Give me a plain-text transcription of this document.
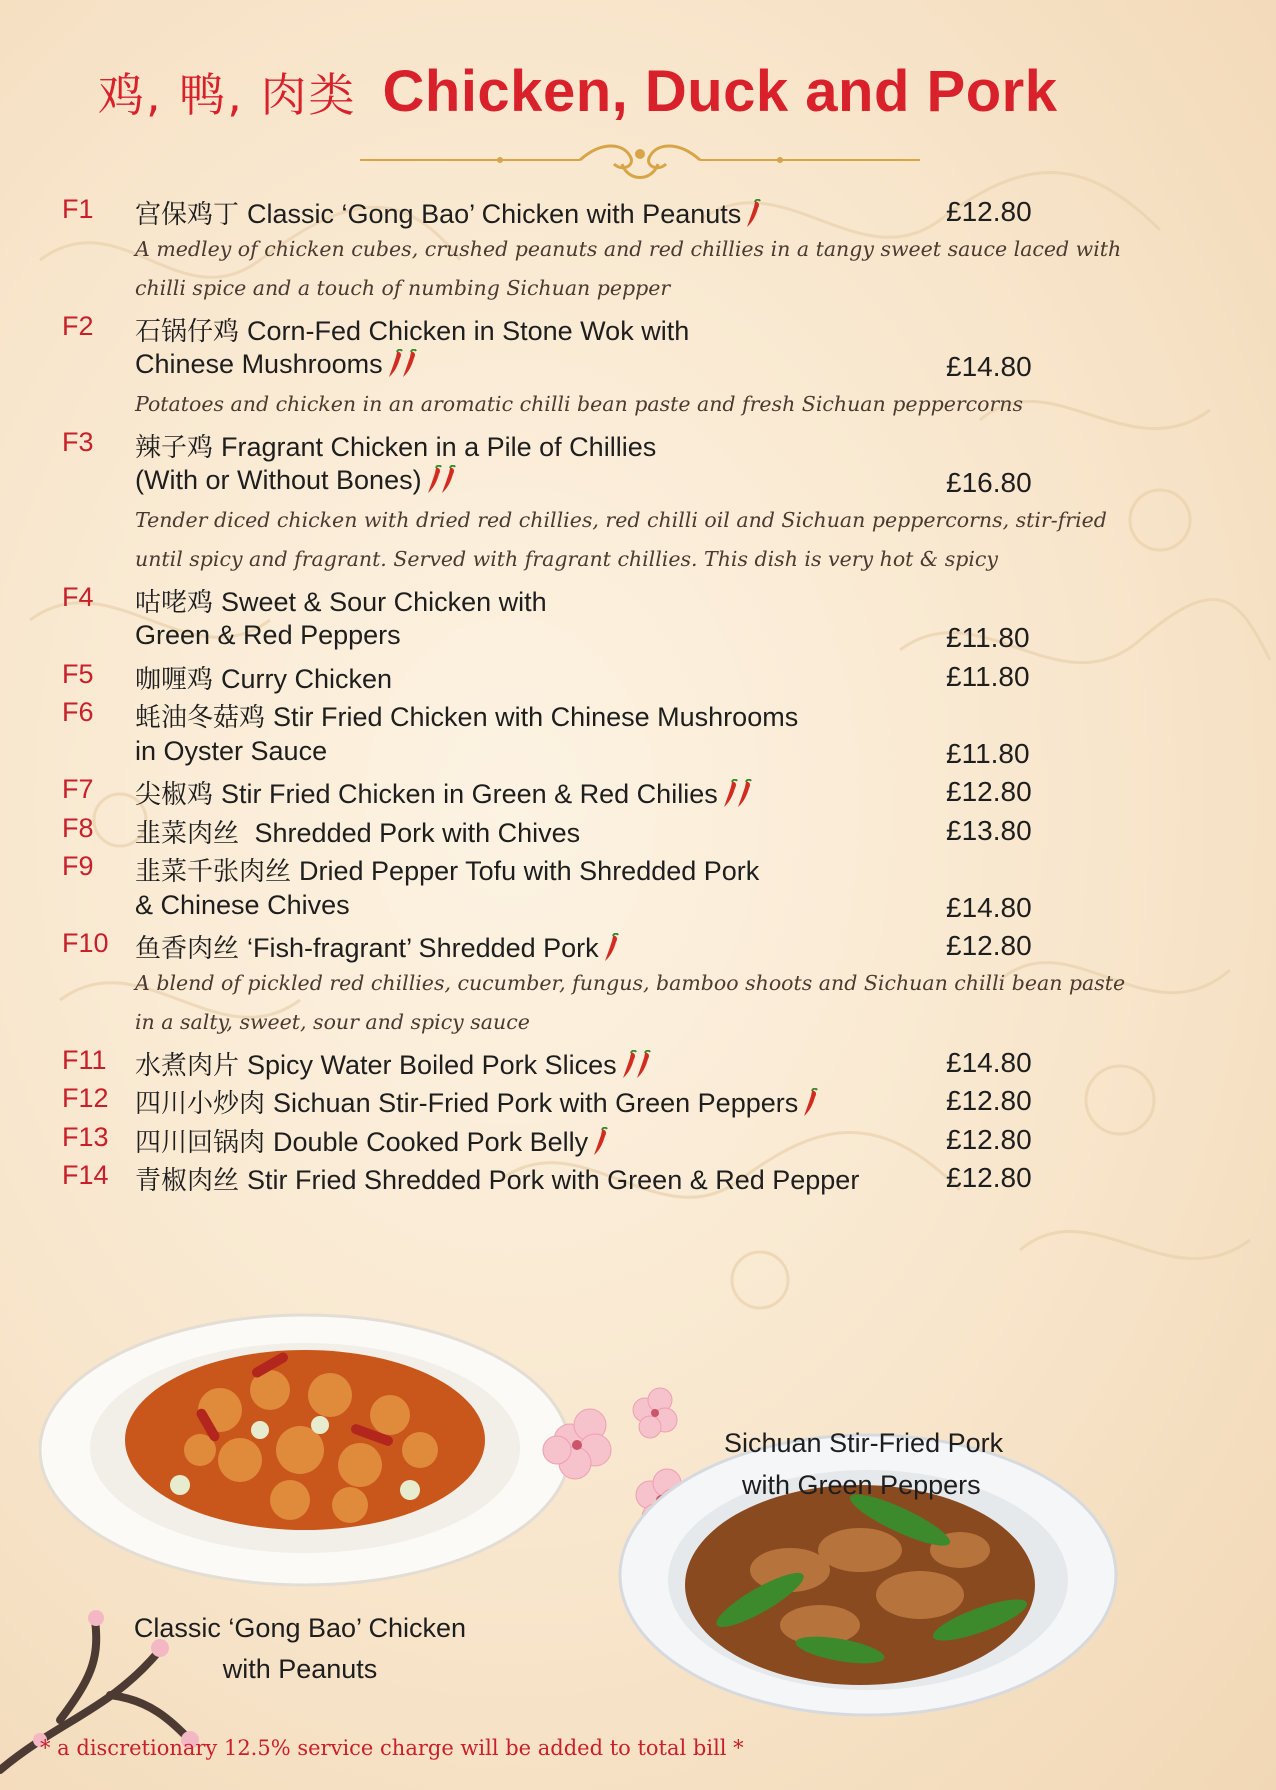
鸡, 鸭, 肉类 Chicken, Duck and Pork
F1 宫保鸡丁 Classic ‘Gong Bao’ Chicken with Peanuts	£12.80
A medley of chicken cubes, crushed peanuts and red chillies in a tangy sweet sauce laced with
chilli spice and a touch of numbing Sichuan pepper
F2 石锅仔鸡 Corn-Fed Chicken in Stone Wok with
Chinese Mushrooms	£14.80
Potatoes and chicken in an aromatic chilli bean paste and fresh Sichuan peppercorns
F3 辣子鸡 Fragrant Chicken in a Pile of Chillies
(With or Without Bones)	£16.80
Tender diced chicken with dried red chillies, red chilli oil and Sichuan peppercorns, stir-fried
until spicy and fragrant. Served with fragrant chillies. This dish is very hot & spicy
F4 咕咾鸡 Sweet & Sour Chicken with
Green & Red Peppers	£11.80
F5 咖喱鸡 Curry Chicken	£11.80
F6 蚝油冬菇鸡 Stir Fried Chicken with Chinese Mushrooms
in Oyster Sauce	£11.80
F7 尖椒鸡 Stir Fried Chicken in Green & Red Chilies	£12.80
F8 韭菜肉丝 Shredded Pork with Chives	£13.80
F9 韭菜千张肉丝 Dried Pepper Tofu with Shredded Pork
& Chinese Chives	£14.80
F10 鱼香肉丝 ‘Fish-fragrant’ Shredded Pork	£12.80
A blend of pickled red chillies, cucumber, fungus, bamboo shoots and Sichuan chilli bean paste
in a salty, sweet, sour and spicy sauce
F11 水煮肉片 Spicy Water Boiled Pork Slices	£14.80
F12 四川小炒肉 Sichuan Stir-Fried Pork with Green Peppers	£12.80
F13 四川回锅肉 Double Cooked Pork Belly	£12.80
F14 青椒肉丝 Stir Fried Shredded Pork with Green & Red Pepper	£12.80
Classic ‘Gong Bao’ Chicken
with Peanuts
Sichuan Stir-Fried Pork
with Green Peppers
* a discretionary 12.5% service charge will be added to total bill *
